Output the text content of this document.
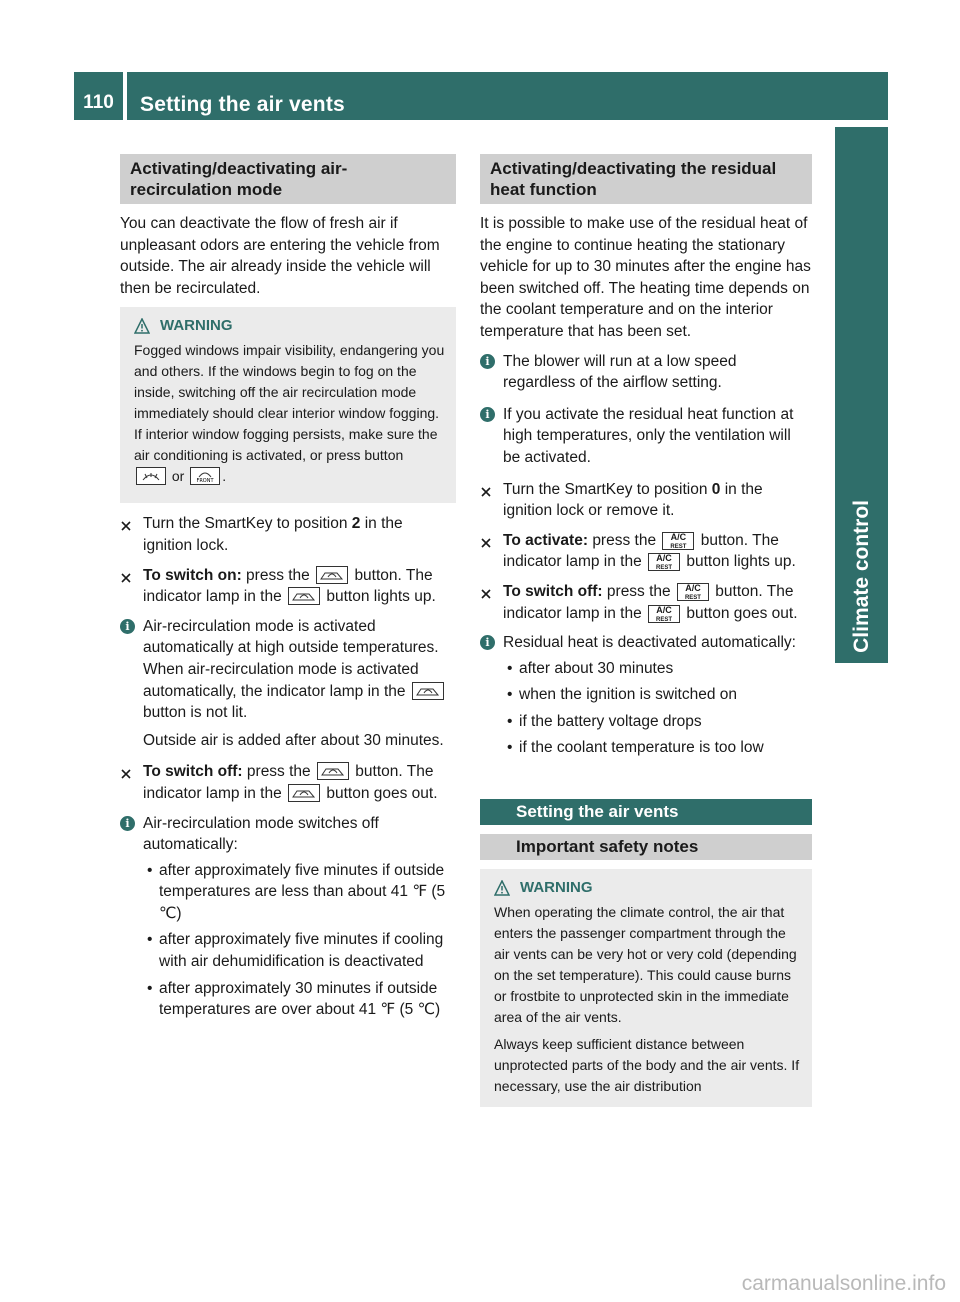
110	Setting the air vents
Climate control
Activating/deactivating air-recirculation mode

You can deactivate the flow of fresh air if unpleasant odors are entering the vehicle from outside. The air already inside the vehicle will then be recirculated.

WARNING
Fogged windows impair visibility, endangering you and others. If the windows begin to fog on the inside, switching off the air recirculation mode immediately should clear interior window fogging. If interior window fogging persists, make sure the air conditioning is activated, or press button
or FRONT .
Turn the SmartKey to position 2 in the ignition lock.
To switch on: press the	button. The indicator lamp in the	button lights up.
i Air-recirculation mode is activated automatically at high outside temperatures. When air-recirculation mode is activated automatically, the indicator lamp in the  button is not lit.

Outside air is added after about 30 minutes.

To switch off: press the	button. The indicator lamp in the	button goes out.
i Air-recirculation mode switches off automatically:
• after approximately five minutes if outside temperatures are less than about 41 ℉ (5 ℃)
• after approximately five minutes if cooling with air dehumidification is deactivated
• after approximately 30 minutes if outside temperatures are over about 41 ℉ (5 ℃)
Activating/deactivating the residual heat function

It is possible to make use of the residual heat of the engine to continue heating the stationary vehicle for up to 30 minutes after the engine has been switched off. The heating time depends on the coolant temperature and on the interior temperature that has been set.

i The blower will run at a low speed regardless of the airflow setting.
i If you activate the residual heat function at high temperatures, only the ventilation will be activated.
Turn the SmartKey to position 0 in the ignition lock or remove it.
To activate: press the A/C
REST button. The indicator lamp in the A/C
REST button lights up.
To switch off: press the A/C
REST button. The indicator lamp in the A/C
REST button goes out.
i Residual heat is deactivated automatically:
• after about 30 minutes
• when the ignition is switched on
• if the battery voltage drops
• if the coolant temperature is too low
Setting the air vents
Important safety notes
WARNING

When operating the climate control, the air that enters the passenger compartment through the air vents can be very hot or very cold (depending on the set temperature). This could cause burns or frostbite to unprotected skin in the immediate area of the air vents.

Always keep sufficient distance between unprotected parts of the body and the air vents. If necessary, use the air distribution

carmanualsonline.info
